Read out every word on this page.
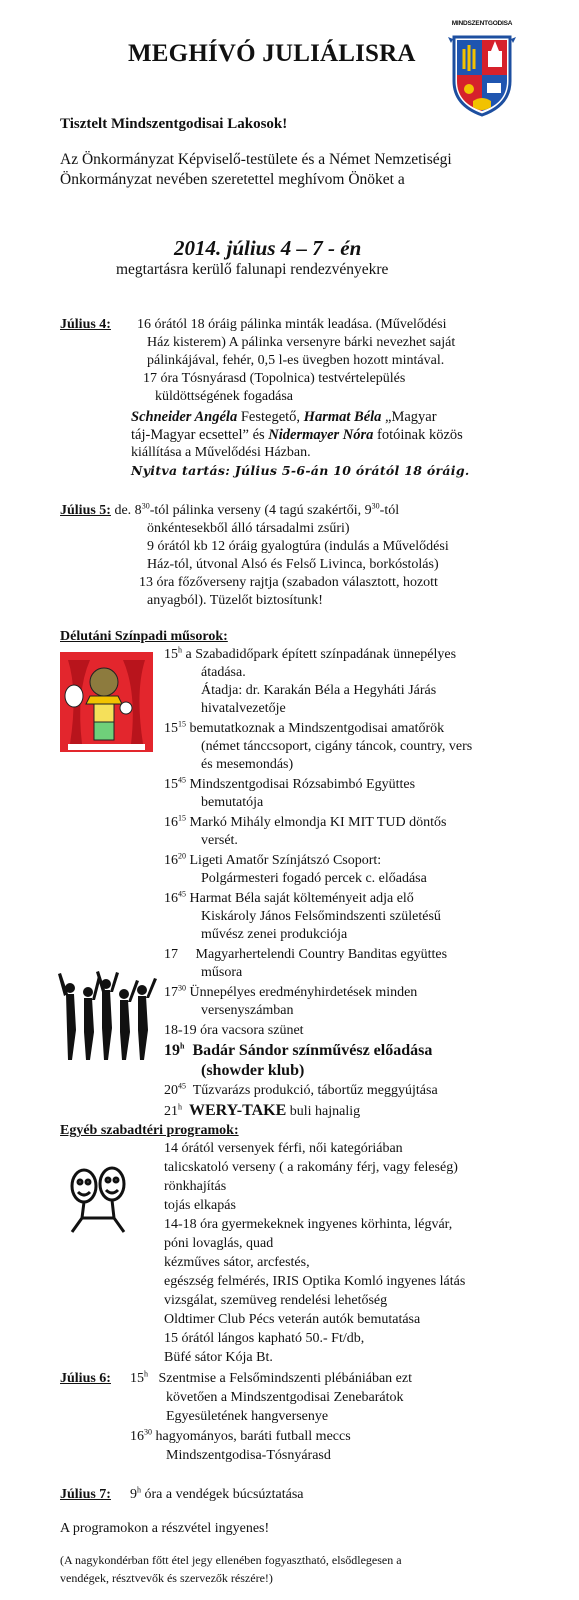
MINDSZENTGODISA
MEGHÍVÓ JULIÁLISRA
Tisztelt Mindszentgodisai Lakosok!
Az Önkormányzat Képviselő-testülete és a Német Nemzetiségi Önkormányzat nevében szeretettel meghívom Önöket a
2014. július 4 – 7 - én
megtartásra kerülő falunapi rendezvényekre
Július 4: 16 órától 18 óráig pálinka minták leadása. (Művelődési
Ház kisterem) A pálinka versenyre bárki nevezhet saját
pálinkájával, fehér, 0,5 l-es üvegben hozott mintával.
17 óra Tósnyárasd (Topolnica) testvértelepülés
küldöttségének fogadása
Schneider Angéla Festegető, Harmat Béla „Magyar
táj-Magyar ecsettel” és Nidermayer Nóra fotóinak közös
kiállítása a Művelődési Házban.
Nyitva tartás: Július 5-6-án 10 órától 18 óráig.
Július 5: de. $8^{30}$-tól pálinka verseny (4 tagú szakértői, $9^{30}$-tól
önkéntesekből álló társadalmi zsűri)
9 órától kb 12 óráig gyalogtúra (indulás a Művelődési
Ház-tól, útvonal Alsó és Felső Livinca, borkóstolás)
13 óra főzőverseny rajtja (szabadon választott, hozott
anyagból). Tüzelőt biztosítunk!
Délutáni Színpadi műsorok:
15$^h$ a Szabadidőpark épített színpadának ünnepélyes
átadása.
Átadja: dr. Karakán Béla a Hegyháti Járás
hivatalvezetője
$15^{15}$ bemutatkoznak a Mindszentgodisai amatőrök
(német tánccsoport, cigány táncok, country, vers
és mesemondás)
$15^{45}$ Mindszentgodisai Rózsabimbó Együttes
bemutatója
$16^{15}$ Markó Mihály elmondja KI MIT TUD döntős
versét.
$16^{20}$ Ligeti Amatőr Színjátszó Csoport:
Polgármesteri fogadó percek c. előadása
$16^{45}$ Harmat Béla saját költeményeit adja elő
Kiskároly János Felsőmindszenti születésű
művész zenei produkciója
17     Magyarhertelendi Country Banditas együttes
műsora
$17^{30}$ Ünnepélyes eredményhirdetések minden
versenyszámban
18-19 óra vacsora szünet
19$^h$  Badár Sándor színművész előadása
(showder klub)
$20^{45}$  Tűzvarázs produkció, tábortűz meggyújtása
21$^h$ WERY-TAKE buli hajnalig
Egyéb szabadtéri programok:
14 órától versenyek férfi, női kategóriában
talicskatoló verseny ( a rakomány férj, vagy feleség)
rönkhajítás
tojás elkapás
14-18 óra gyermekeknek ingyenes körhinta, légvár,
póni lovaglás, quad
kézműves sátor, arcfestés,
egészség felmérés, IRIS Optika Komló ingyenes látás
vizsgálat, szemüveg rendelési lehetőség
Oldtimer Club Pécs veterán autók bemutatása
15 órától lángos kapható 50.- Ft/db,
Büfé sátor Kója Bt.
Július 6: 15$^h$   Szentmise a Felsőmindszenti plébániában ezt
követően a Mindszentgodisai Zenebarátok
Egyesületének hangversenye
$16^{30}$ hagyományos, baráti futball meccs
Mindszentgodisa-Tósnyárasd
Július 7: 9$^h$ óra a vendégek búcsúztatása
A programokon a részvétel ingyenes!
(A nagykondérban főtt étel jegy ellenében fogyasztható, elsődlegesen a
vendégek, résztvevők és szervezők részére!)
